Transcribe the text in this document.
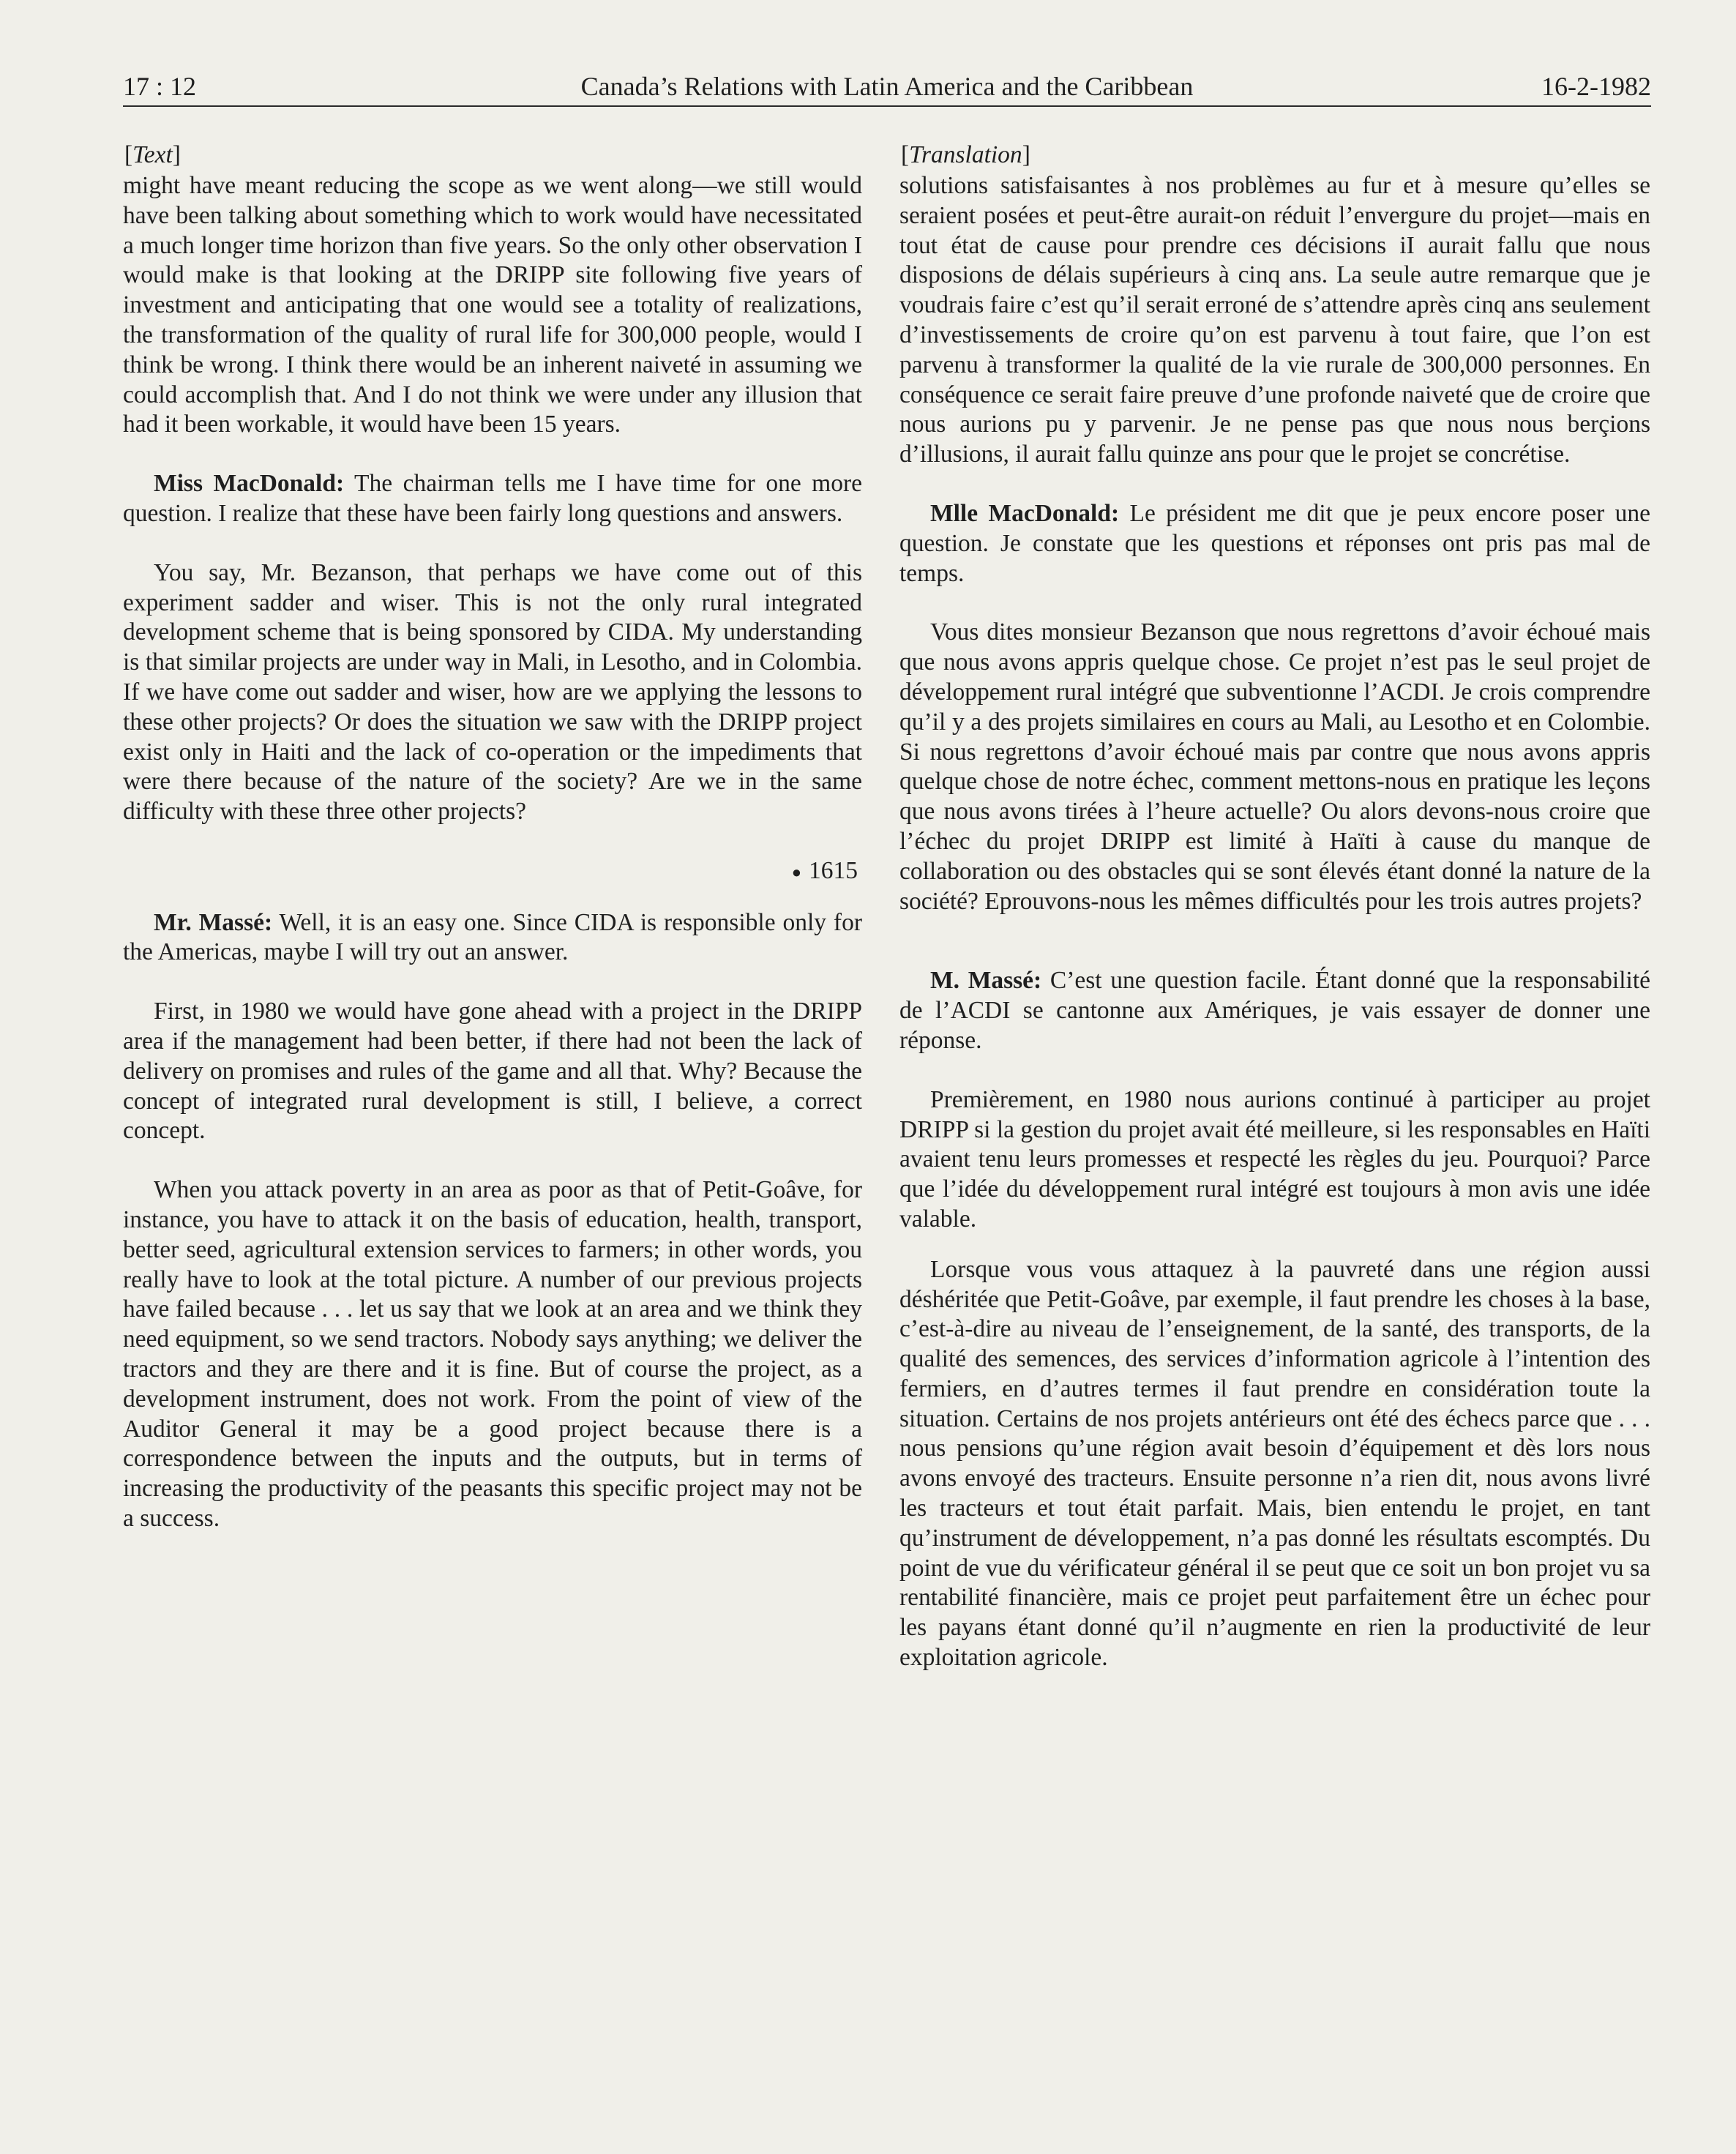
17 : 12	Canada’s Relations with Latin America and the Caribbean	16-2-1982
[Text]

might have meant reducing the scope as we went along—we still would have been talking about something which to work would have necessitated a much longer time horizon than five years. So the only other observation I would make is that looking at the DRIPP site following five years of investment and anticipating that one would see a totality of realizations, the transformation of the quality of rural life for 300,000 people, would I think be wrong. I think there would be an inherent naiveté in assuming we could accomplish that. And I do not think we were under any illusion that had it been workable, it would have been 15 years.

Miss MacDonald: The chairman tells me I have time for one more question. I realize that these have been fairly long questions and answers.

You say, Mr. Bezanson, that perhaps we have come out of this experiment sadder and wiser. This is not the only rural integrated development scheme that is being sponsored by CIDA. My understanding is that similar projects are under way in Mali, in Lesotho, and in Colombia. If we have come out sadder and wiser, how are we applying the lessons to these other projects? Or does the situation we saw with the DRIPP project exist only in Haiti and the lack of co-operation or the impediments that were there because of the nature of the society? Are we in the same difficulty with these three other projects?

● 1615

Mr. Massé: Well, it is an easy one. Since CIDA is responsible only for the Americas, maybe I will try out an answer.

First, in 1980 we would have gone ahead with a project in the DRIPP area if the management had been better, if there had not been the lack of delivery on promises and rules of the game and all that. Why? Because the concept of integrated rural development is still, I believe, a correct concept.

When you attack poverty in an area as poor as that of Petit-Goâve, for instance, you have to attack it on the basis of education, health, transport, better seed, agricultural extension services to farmers; in other words, you really have to look at the total picture. A number of our previous projects have failed because . . . let us say that we look at an area and we think they need equipment, so we send tractors. Nobody says anything; we deliver the tractors and they are there and it is fine. But of course the project, as a development instrument, does not work. From the point of view of the Auditor General it may be a good project because there is a correspondence between the inputs and the outputs, but in terms of increasing the productivity of the peasants this specific project may not be a success.

[Translation]

solutions satisfaisantes à nos problèmes au fur et à mesure qu’elles se seraient posées et peut-être aurait-on réduit l’envergure du projet—mais en tout état de cause pour prendre ces décisions iI aurait fallu que nous disposions de délais supérieurs à cinq ans. La seule autre remarque que je voudrais faire c’est qu’il serait erroné de s’attendre après cinq ans seulement d’investissements de croire qu’on est parvenu à tout faire, que l’on est parvenu à transformer la qualité de la vie rurale de 300,000 personnes. En conséquence ce serait faire preuve d’une profonde naiveté que de croire que nous aurions pu y parvenir. Je ne pense pas que nous nous berçions d’illusions, il aurait fallu quinze ans pour que le projet se concrétise.

Mlle MacDonald: Le président me dit que je peux encore poser une question. Je constate que les questions et réponses ont pris pas mal de temps.

Vous dites monsieur Bezanson que nous regrettons d’avoir échoué mais que nous avons appris quelque chose. Ce projet n’est pas le seul projet de développement rural intégré que subventionne l’ACDI. Je crois comprendre qu’il y a des projets similaires en cours au Mali, au Lesotho et en Colombie. Si nous regrettons d’avoir échoué mais par contre que nous avons appris quelque chose de notre échec, comment mettons-nous en pratique les leçons que nous avons tirées à l’heure actuelle? Ou alors devons-nous croire que l’échec du projet DRIPP est limité à Haïti à cause du manque de collaboration ou des obstacles qui se sont élevés étant donné la nature de la société? Eprouvons-nous les mêmes difficultés pour les trois autres projets?

M. Massé: C’est une question facile. Étant donné que la responsabilité de l’ACDI se cantonne aux Amériques, je vais essayer de donner une réponse.

Premièrement, en 1980 nous aurions continué à participer au projet DRIPP si la gestion du projet avait été meilleure, si les responsables en Haïti avaient tenu leurs promesses et respecté les règles du jeu. Pourquoi? Parce que l’idée du développement rural intégré est toujours à mon avis une idée valable.

Lorsque vous vous attaquez à la pauvreté dans une région aussi déshéritée que Petit-Goâve, par exemple, il faut prendre les choses à la base, c’est-à-dire au niveau de l’enseignement, de la santé, des transports, de la qualité des semences, des services d’information agricole à l’intention des fermiers, en d’autres termes il faut prendre en considération toute la situation. Certains de nos projets antérieurs ont été des échecs parce que . . . nous pensions qu’une région avait besoin d’équipement et dès lors nous avons envoyé des tracteurs. Ensuite personne n’a rien dit, nous avons livré les tracteurs et tout était parfait. Mais, bien entendu le projet, en tant qu’instrument de développement, n’a pas donné les résultats escomptés. Du point de vue du vérificateur général il se peut que ce soit un bon projet vu sa rentabilité financière, mais ce projet peut parfaitement être un échec pour les payans étant donné qu’il n’augmente en rien la productivité de leur exploitation agricole.
